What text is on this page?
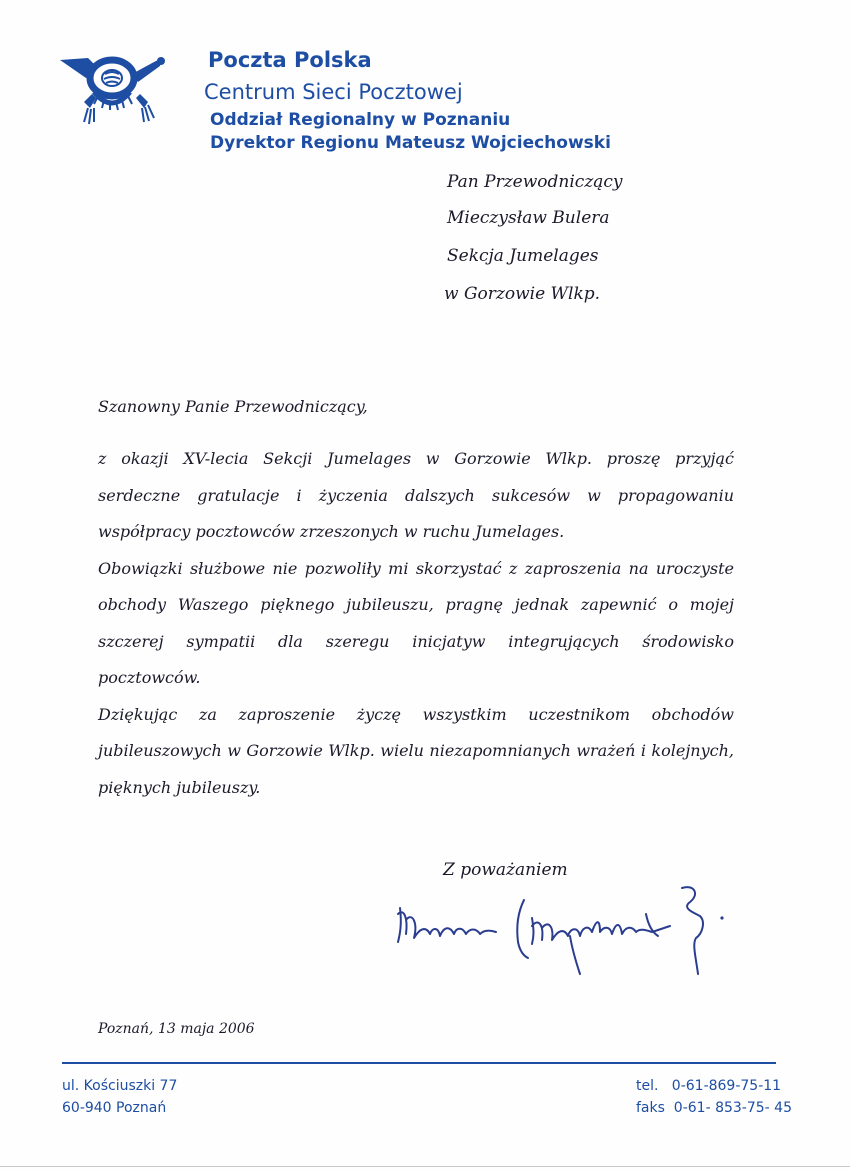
Poczta Polska
Centrum Sieci Pocztowej
Oddział Regionalny w Poznaniu
Dyrektor Regionu Mateusz Wojciechowski
Pan Przewodniczący
Mieczysław Bulera
Sekcja Jumelages
w Gorzowie Wlkp.
Szanowny Panie Przewodniczący,

z okazji XV-lecia Sekcji Jumelages w Gorzowie Wlkp. proszę przyjąć serdeczne gratulacje i życzenia dalszych sukcesów w propagowaniu współpracy pocztowców zrzeszonych w ruchu Jumelages.

Obowiązki służbowe nie pozwoliły mi skorzystać z zaproszenia na uroczyste obchody Waszego pięknego jubileuszu, pragnę jednak zapewnić o mojej szczerej sympatii dla szeregu inicjatyw integrujących środowisko pocztowców.

Dziękując za zaproszenie życzę wszystkim uczestnikom obchodów jubileuszowych w Gorzowie Wlkp. wielu niezapomnianych wrażeń i kolejnych, pięknych jubileuszy.

Z poważaniem
Poznań, 13 maja 2006
ul. Kościuszki 77
60-940 Poznań
tel.   0-61-869-75-11
faks  0-61- 853-75- 45
